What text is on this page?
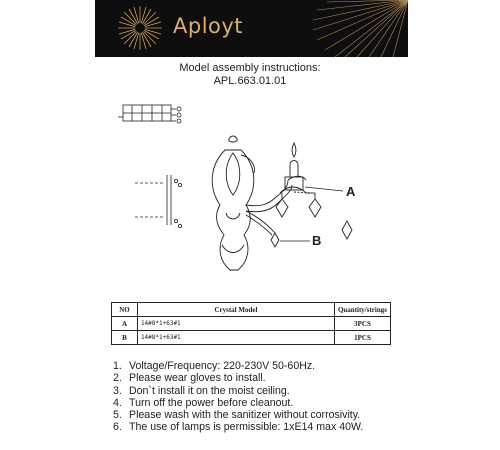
Aployt
Model assembly instructions:
APL.663.01.01
A
B
NO	Crystal Model	Quantity/strings
A	14#8*1+63#1	3PCS
B	14#8*1+63#1	1PCS
1. Voltage/Frequency: 220-230V 50-60Hz.
2. Please wear gloves to install.
3. Don`t install it on the moist ceiling.
4. Turn off the power before cleanout.
5. Please wash with the sanitizer without corrosivity.
6. The use of lamps is permissible: 1xE14 max 40W.
